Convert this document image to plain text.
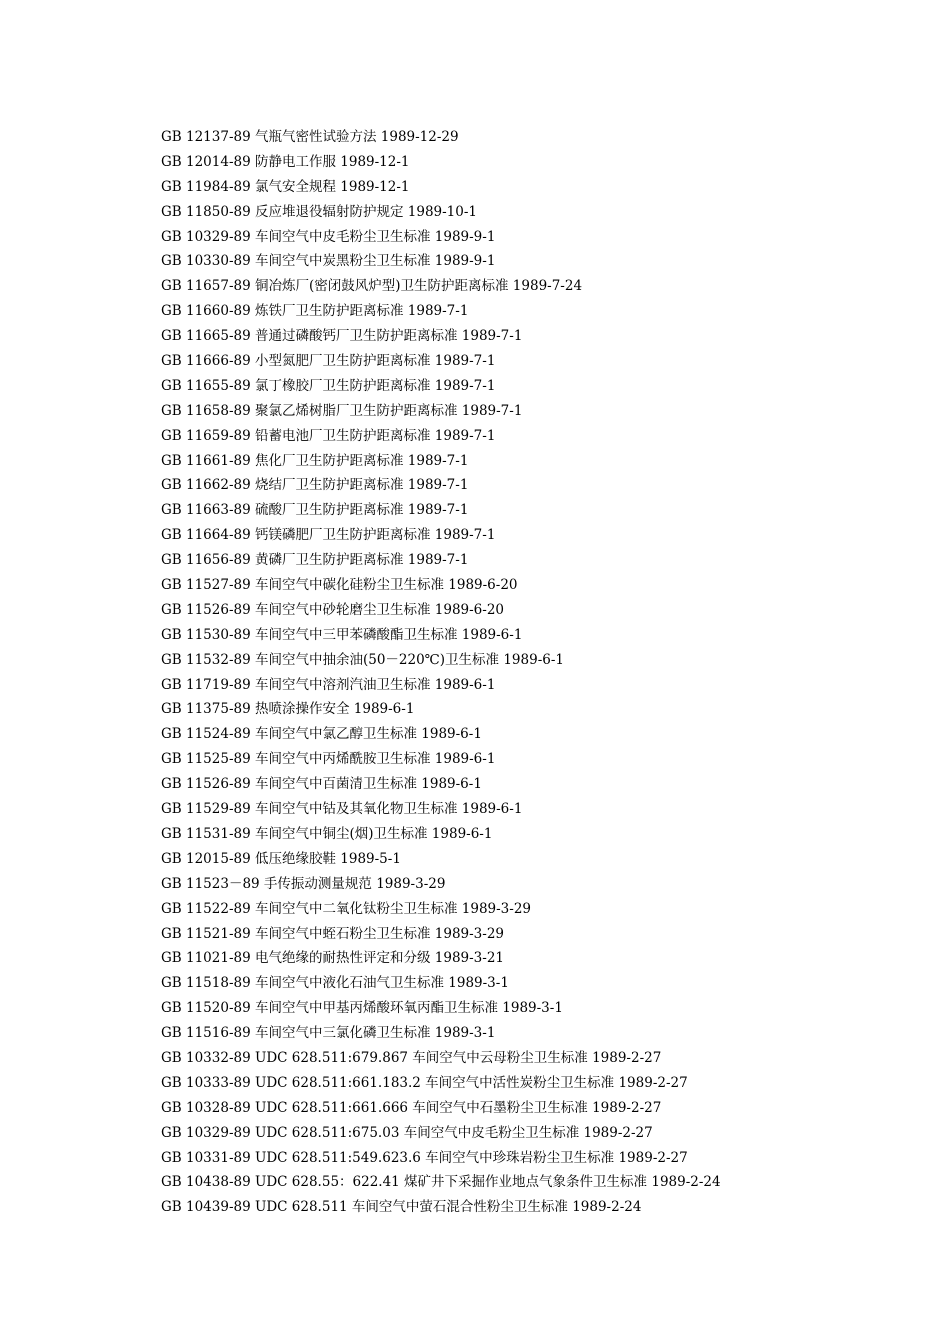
GB 12137-89 气瓶气密性试验方法 1989-12-29
GB 12014-89 防静电工作服 1989-12-1
GB 11984-89 氯气安全规程 1989-12-1
GB 11850-89 反应堆退役辐射防护规定 1989-10-1
GB 10329-89 车间空气中皮毛粉尘卫生标准 1989-9-1
GB 10330-89 车间空气中炭黑粉尘卫生标准 1989-9-1
GB 11657-89 铜冶炼厂(密闭鼓风炉型)卫生防护距离标准 1989-7-24
GB 11660-89 炼铁厂卫生防护距离标准 1989-7-1
GB 11665-89 普通过磷酸钙厂卫生防护距离标准 1989-7-1
GB 11666-89 小型氮肥厂卫生防护距离标准 1989-7-1
GB 11655-89 氯丁橡胶厂卫生防护距离标准 1989-7-1
GB 11658-89 聚氯乙烯树脂厂卫生防护距离标准 1989-7-1
GB 11659-89 铅蓄电池厂卫生防护距离标准 1989-7-1
GB 11661-89 焦化厂卫生防护距离标准 1989-7-1
GB 11662-89 烧结厂卫生防护距离标准 1989-7-1
GB 11663-89 硫酸厂卫生防护距离标准 1989-7-1
GB 11664-89 钙镁磷肥厂卫生防护距离标准 1989-7-1
GB 11656-89 黄磷厂卫生防护距离标准 1989-7-1
GB 11527-89 车间空气中碳化硅粉尘卫生标准 1989-6-20
GB 11526-89 车间空气中砂轮磨尘卫生标准 1989-6-20
GB 11530-89 车间空气中三甲苯磷酸酯卫生标准 1989-6-1
GB 11532-89 车间空气中抽余油(50－220℃)卫生标准 1989-6-1
GB 11719-89 车间空气中溶剂汽油卫生标准 1989-6-1
GB 11375-89 热喷涂操作安全 1989-6-1
GB 11524-89 车间空气中氯乙醇卫生标准 1989-6-1
GB 11525-89 车间空气中丙烯酰胺卫生标准 1989-6-1
GB 11526-89 车间空气中百菌清卫生标准 1989-6-1
GB 11529-89 车间空气中钴及其氧化物卫生标准 1989-6-1
GB 11531-89 车间空气中铜尘(烟)卫生标准 1989-6-1
GB 12015-89 低压绝缘胶鞋 1989-5-1
GB 11523－89 手传振动测量规范 1989-3-29
GB 11522-89 车间空气中二氧化钛粉尘卫生标准 1989-3-29
GB 11521-89 车间空气中蛭石粉尘卫生标准 1989-3-29
GB 11021-89 电气绝缘的耐热性评定和分级 1989-3-21
GB 11518-89 车间空气中液化石油气卫生标准 1989-3-1
GB 11520-89 车间空气中甲基丙烯酸环氧丙酯卫生标准 1989-3-1
GB 11516-89 车间空气中三氯化磷卫生标准 1989-3-1
GB 10332-89 UDC 628.511:679.867 车间空气中云母粉尘卫生标准 1989-2-27
GB 10333-89 UDC 628.511:661.183.2 车间空气中活性炭粉尘卫生标准 1989-2-27
GB 10328-89 UDC 628.511:661.666 车间空气中石墨粉尘卫生标准 1989-2-27
GB 10329-89 UDC 628.511:675.03 车间空气中皮毛粉尘卫生标准 1989-2-27
GB 10331-89 UDC 628.511:549.623.6 车间空气中珍珠岩粉尘卫生标准 1989-2-27
GB 10438-89 UDC 628.55：622.41 煤矿井下采掘作业地点气象条件卫生标准 1989-2-24
GB 10439-89 UDC 628.511 车间空气中萤石混合性粉尘卫生标准 1989-2-24
